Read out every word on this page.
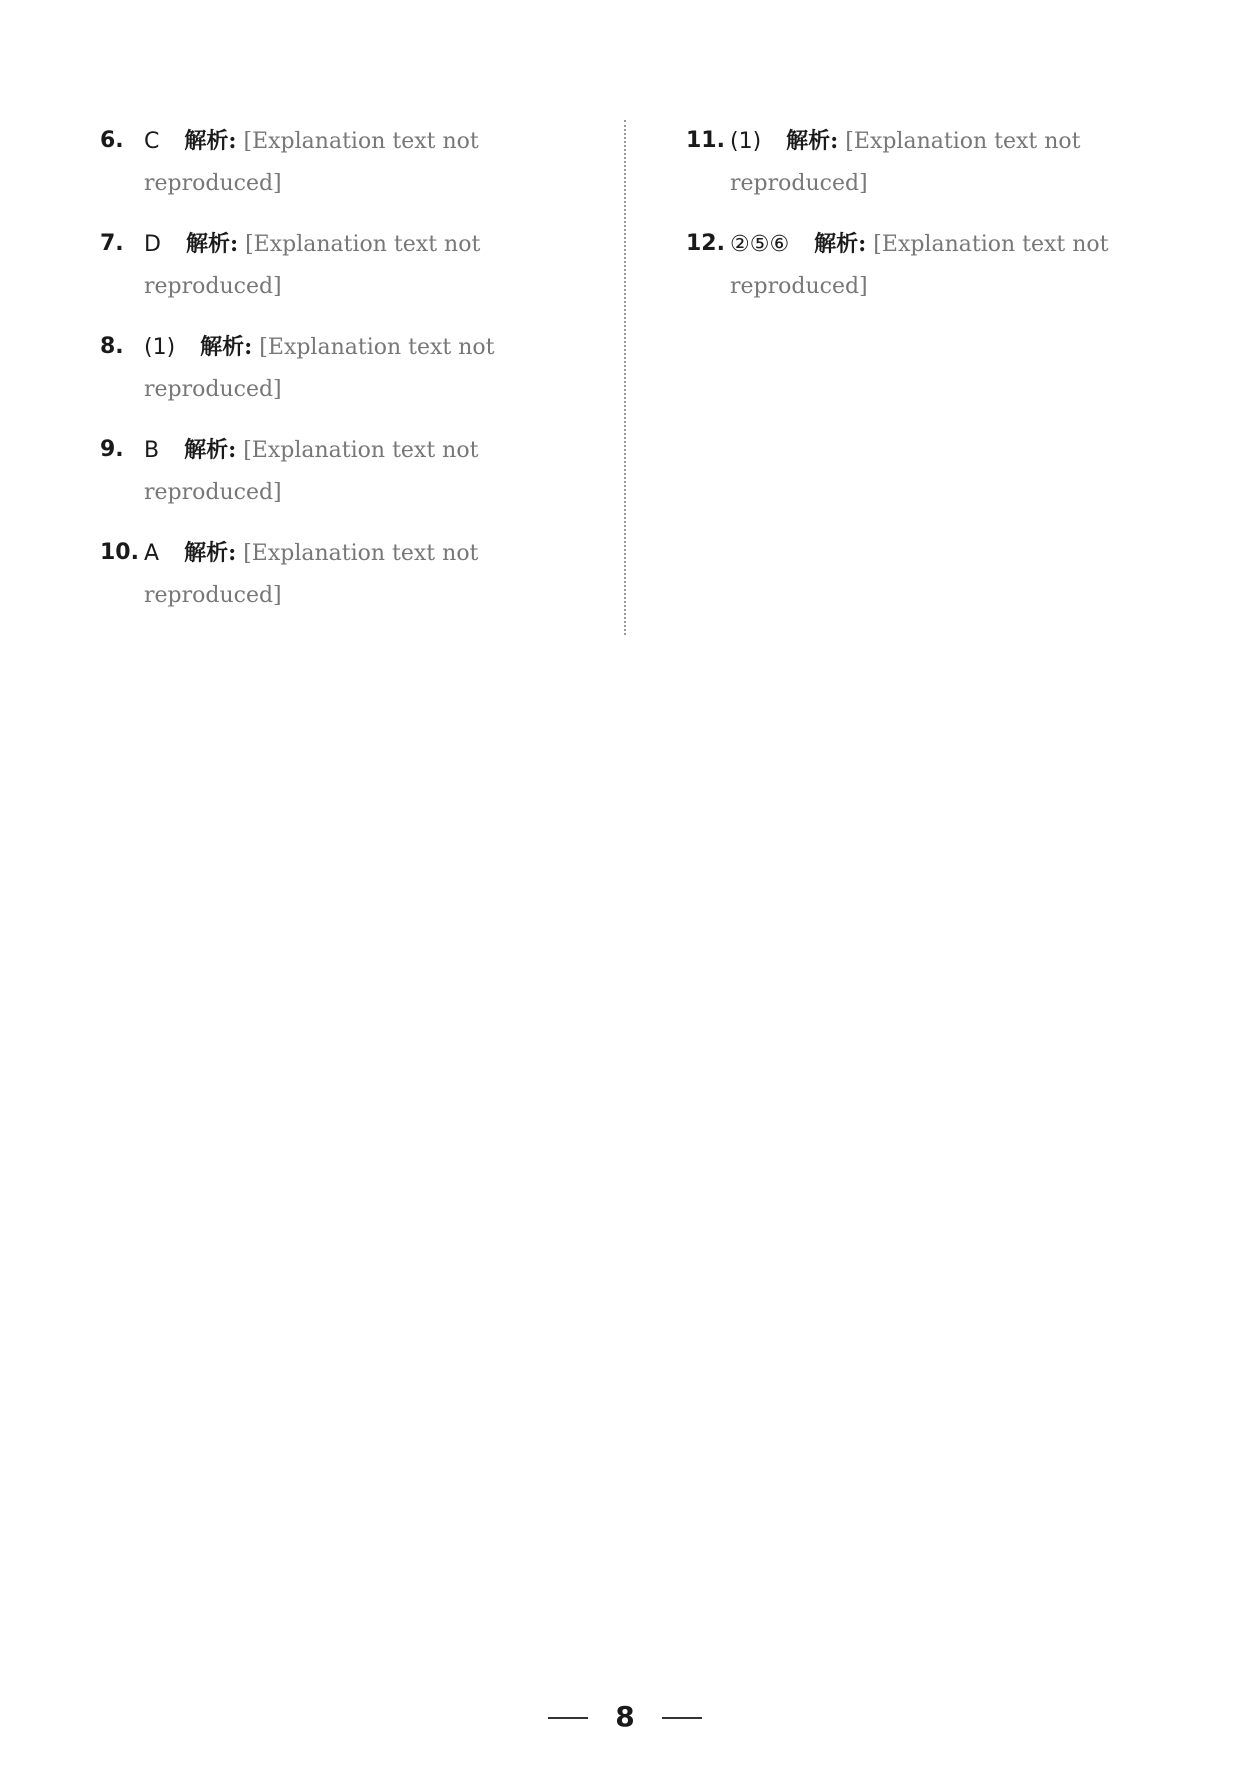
6. C 解析: [Explanation text not reproduced]
7. D 解析: [Explanation text not reproduced]
8. (1) 解析: [Explanation text not reproduced]
9. B 解析: [Explanation text not reproduced]
10. A 解析: [Explanation text not reproduced]
11. (1) 解析: [Explanation text not reproduced]
12. ②⑤⑥ 解析: [Explanation text not reproduced]
8
